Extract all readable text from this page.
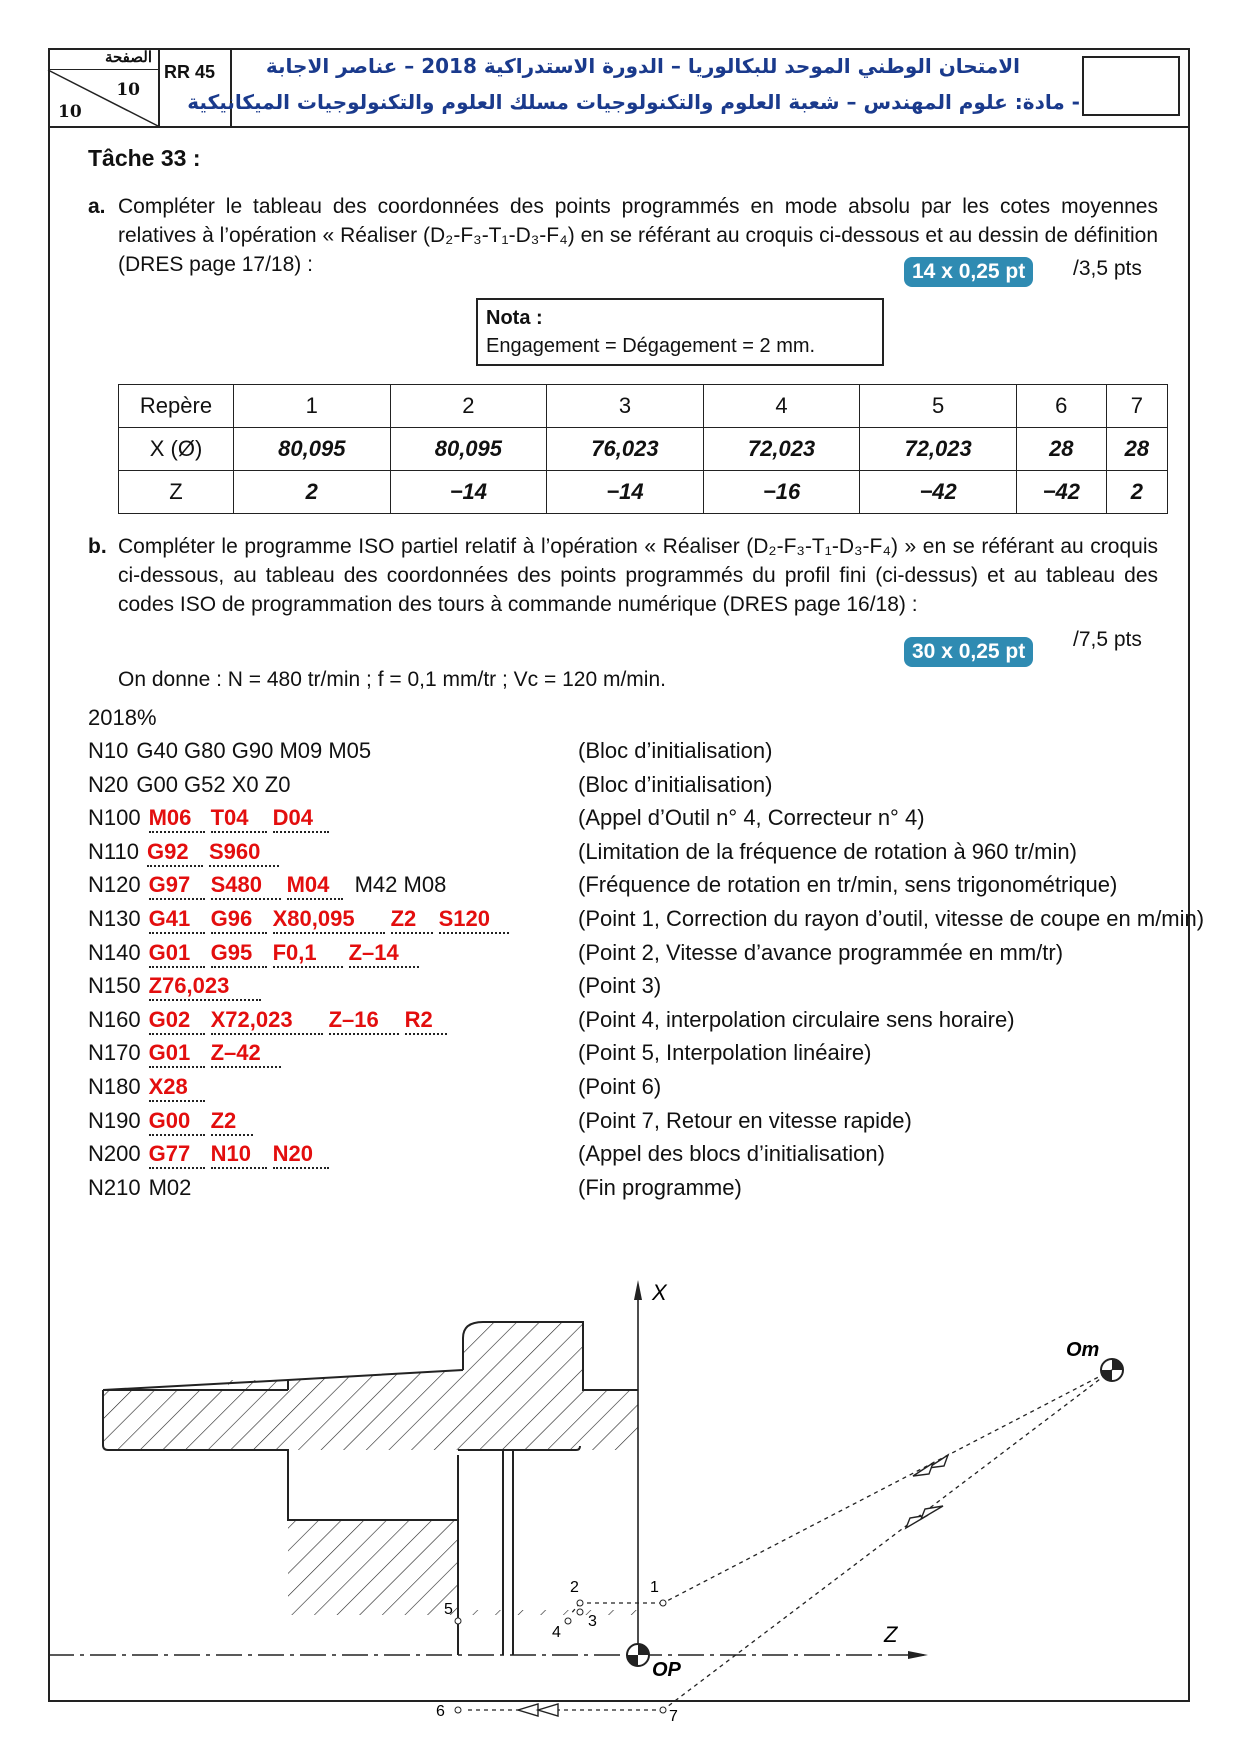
الصفحة
10
10
RR 45	الامتحان الوطني الموحد للبكالوريا – الدورة الاستدراكية 2018 – عناصر الاجابة
- مادة: علوم المهندس – شعبة العلوم والتكنولوجيات مسلك العلوم والتكنولوجيات الميكانيكية
Tâche 33 :
a. Compléter le tableau des coordonnées des points programmés en mode absolu par les cotes moyennes relatives à l’opération « Réaliser (D₂-F₃-T₁-D₃-F₄) en se référant au croquis ci-dessous et au dessin de définition (DRES page 17/18) :	14 x 0,25 pt	/3,5 pts
Nota :
Engagement = Dégagement = 2 mm.
Repère	1	2	3	4	5	6	7
X (Ø)	80,095	80,095	76,023	72,023	72,023	28	28
Z	2	−14	−14	−16	−42	−42	2
b. Compléter le programme ISO partiel relatif à l’opération « Réaliser (D₂-F₃-T₁-D₃-F₄) » en se référant au croquis ci-dessous, au tableau des coordonnées des points programmés du profil fini (ci-dessus) et au tableau des codes ISO de programmation des tours à commande numérique (DRES page 16/18) :
30 x 0,25 pt
/7,5 pts
On donne : N = 480 tr/min ; f = 0,1 mm/tr ; Vc = 120 m/min.
2018%
N10 G40 G80 G90 M09 M05	(Bloc d’initialisation)
N20 G00 G52 X0 Z0	(Bloc d’initialisation)
N100 M06 T04 D04	(Appel d’Outil n° 4, Correcteur n° 4)
N110 G92 S960	(Limitation de la fréquence de rotation à 960 tr/min)
N120 G97 S480 M04 M42 M08	(Fréquence de rotation en tr/min, sens trigonométrique)
N130 G41 G96 X80,095 Z2 S120	(Point 1, Correction du rayon d’outil, vitesse de coupe en m/min)
N140 G01 G95 F0,1 Z–14	(Point 2, Vitesse d’avance programmée en mm/tr)
N150 Z76,023	(Point 3)
N160 G02 X72,023 Z–16 R2	(Point 4, interpolation circulaire sens horaire)
N170 G01 Z–42	(Point 5, Interpolation linéaire)
N180 X28	(Point 6)
N190 G00 Z2	(Point 7, Retour en vitesse rapide)
N200 G77 N10 N20	(Appel des blocs d’initialisation)
N210 M02	(Fin programme)
X
Z
OP
Om
1
2
3
4
5
6	7
